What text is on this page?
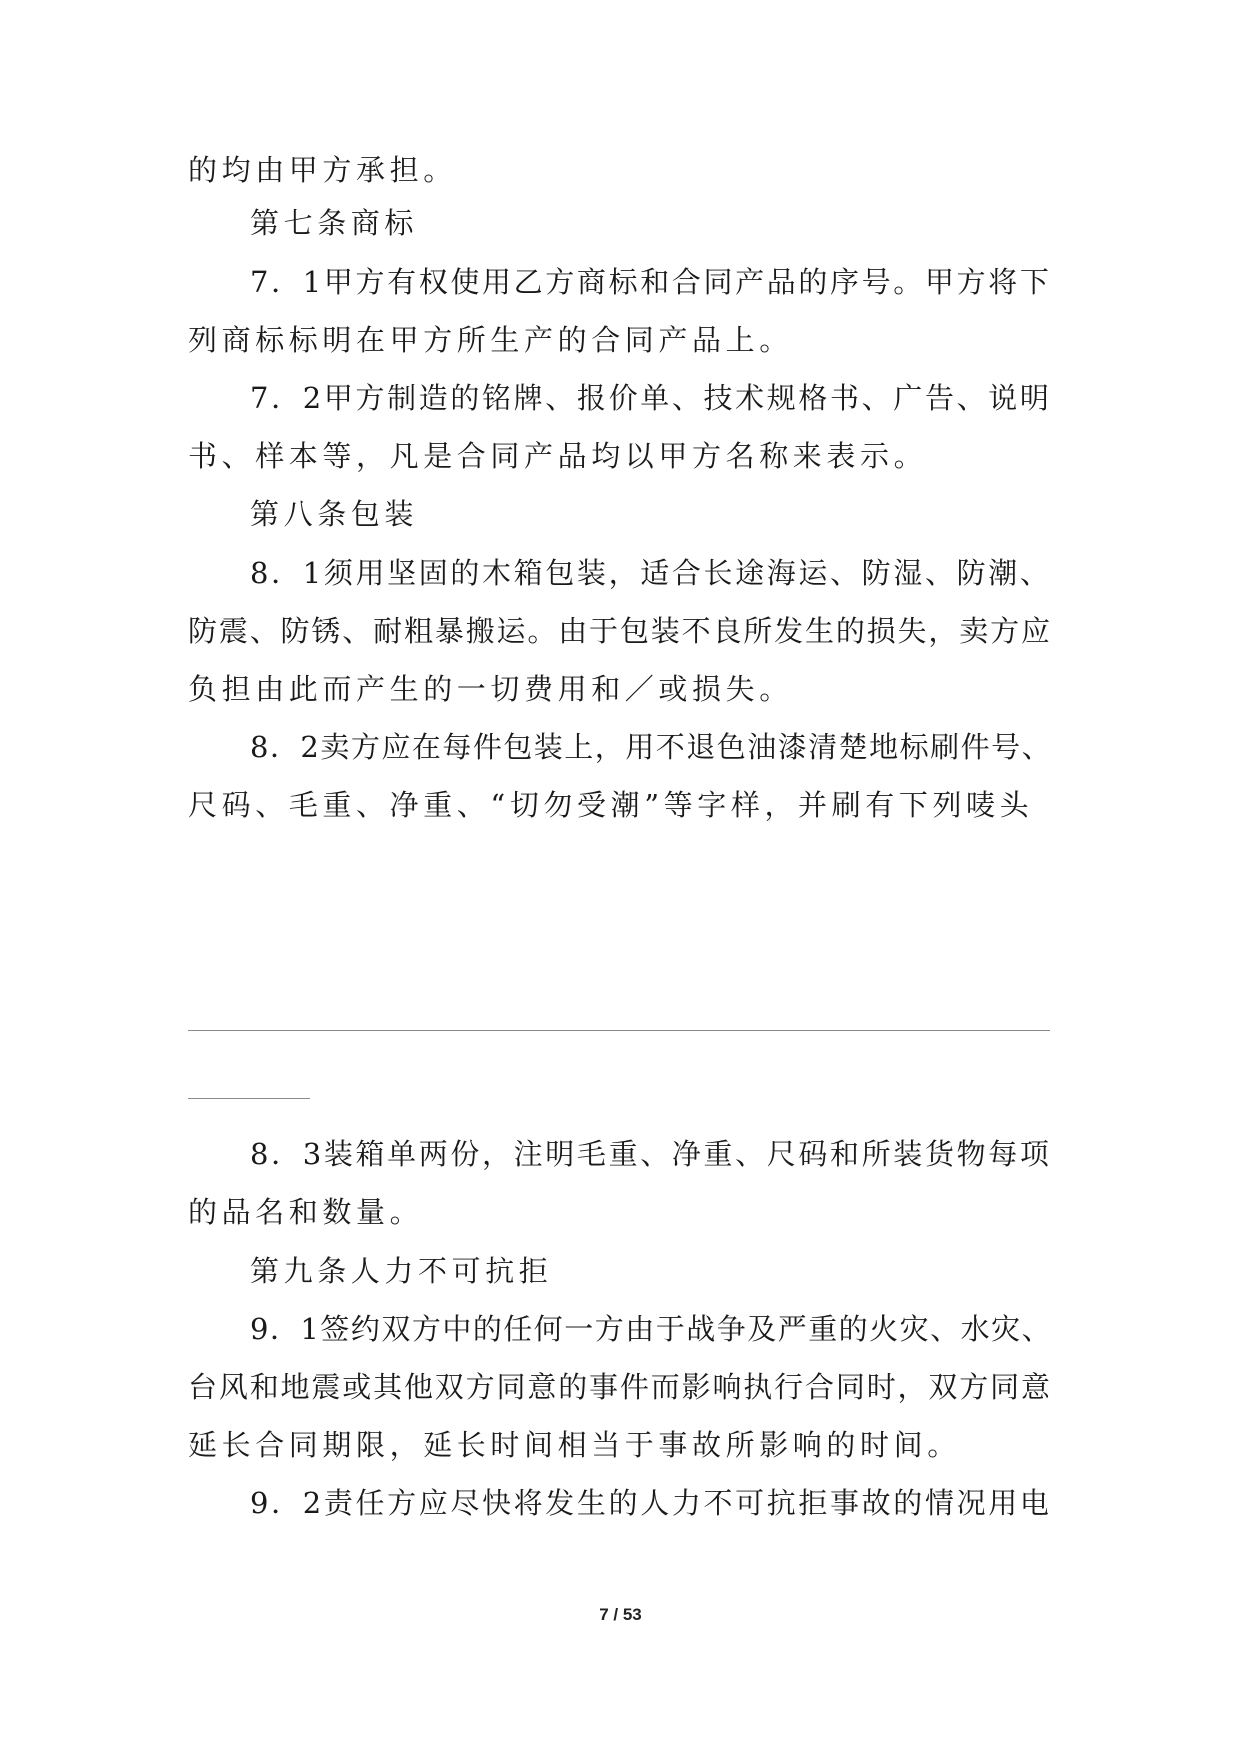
的均由甲方承担。
第七条商标
7．1甲方有权使用乙方商标和合同产品的序号。甲方将下
列商标标明在甲方所生产的合同产品上。
7．2甲方制造的铭牌、报价单、技术规格书、广告、说明
书、样本等，凡是合同产品均以甲方名称来表示。
第八条包装
8．1须用坚固的木箱包装，适合长途海运、防湿、防潮、
防震、防锈、耐粗暴搬运。由于包装不良所发生的损失，卖方应
负担由此而产生的一切费用和／或损失。
8．2卖方应在每件包装上，用不退色油漆清楚地标刷件号、
尺码、毛重、净重、“切勿受潮”等字样，并刷有下列唛头
8．3装箱单两份，注明毛重、净重、尺码和所装货物每项
的品名和数量。
第九条人力不可抗拒
9．1签约双方中的任何一方由于战争及严重的火灾、水灾、
台风和地震或其他双方同意的事件而影响执行合同时，双方同意
延长合同期限，延长时间相当于事故所影响的时间。
9．2责任方应尽快将发生的人力不可抗拒事故的情况用电
7 / 53
